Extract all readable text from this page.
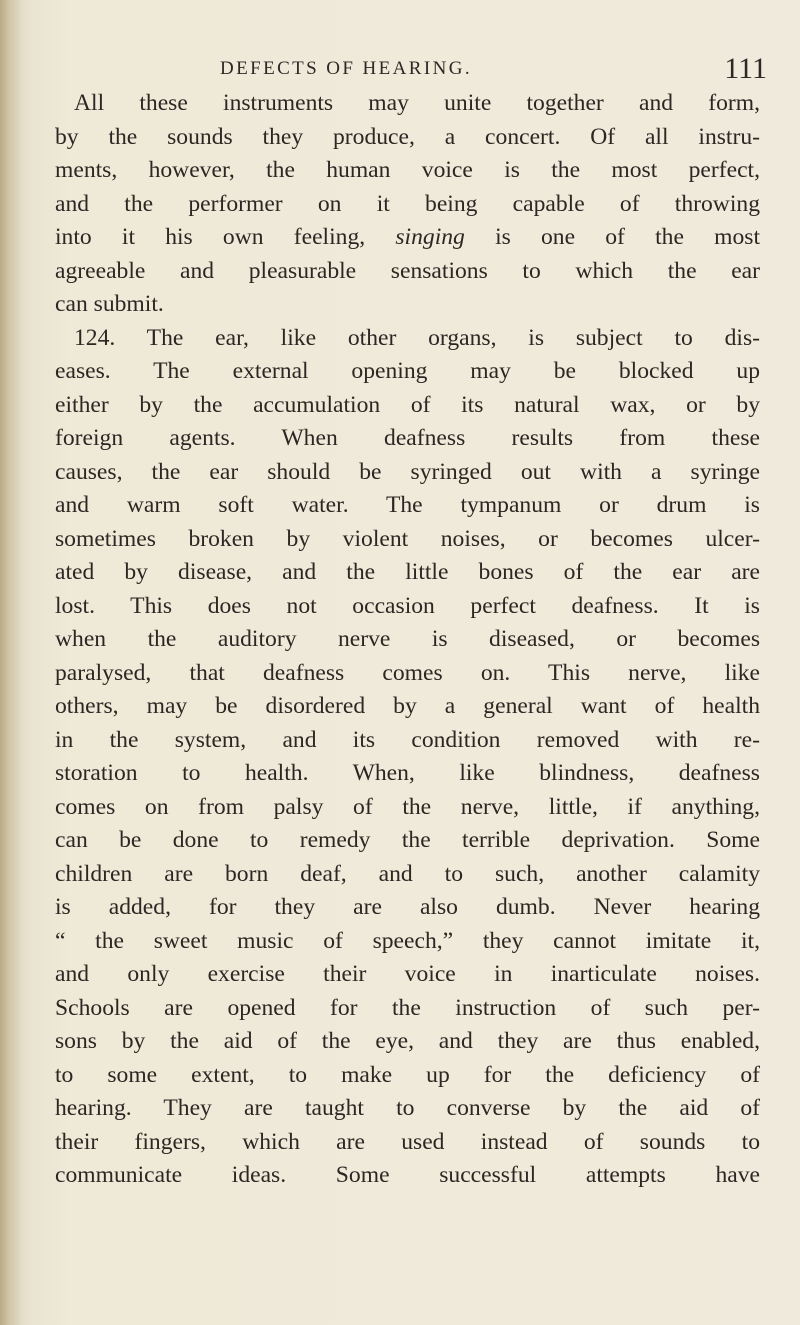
DEFECTS OF HEARING.	111
All these instruments may unite together and form,
by the sounds they produce, a concert. Of all instru-
ments, however, the human voice is the most perfect,
and the performer on it being capable of throwing
into it his own feeling, singing is one of the most
agreeable and pleasurable sensations to which the ear
can submit.
124. The ear, like other organs, is subject to dis-
eases. The external opening may be blocked up
either by the accumulation of its natural wax, or by
foreign agents. When deafness results from these
causes, the ear should be syringed out with a syringe
and warm soft water. The tympanum or drum is
sometimes broken by violent noises, or becomes ulcer-
ated by disease, and the little bones of the ear are
lost. This does not occasion perfect deafness. It is
when the auditory nerve is diseased, or becomes
paralysed, that deafness comes on. This nerve, like
others, may be disordered by a general want of health
in the system, and its condition removed with re-
storation to health. When, like blindness, deafness
comes on from palsy of the nerve, little, if anything,
can be done to remedy the terrible deprivation. Some
children are born deaf, and to such, another calamity
is added, for they are also dumb. Never hearing
“ the sweet music of speech,” they cannot imitate it,
and only exercise their voice in inarticulate noises.
Schools are opened for the instruction of such per-
sons by the aid of the eye, and they are thus enabled,
to some extent, to make up for the deficiency of
hearing. They are taught to converse by the aid of
their fingers, which are used instead of sounds to
communicate ideas. Some successful attempts have
